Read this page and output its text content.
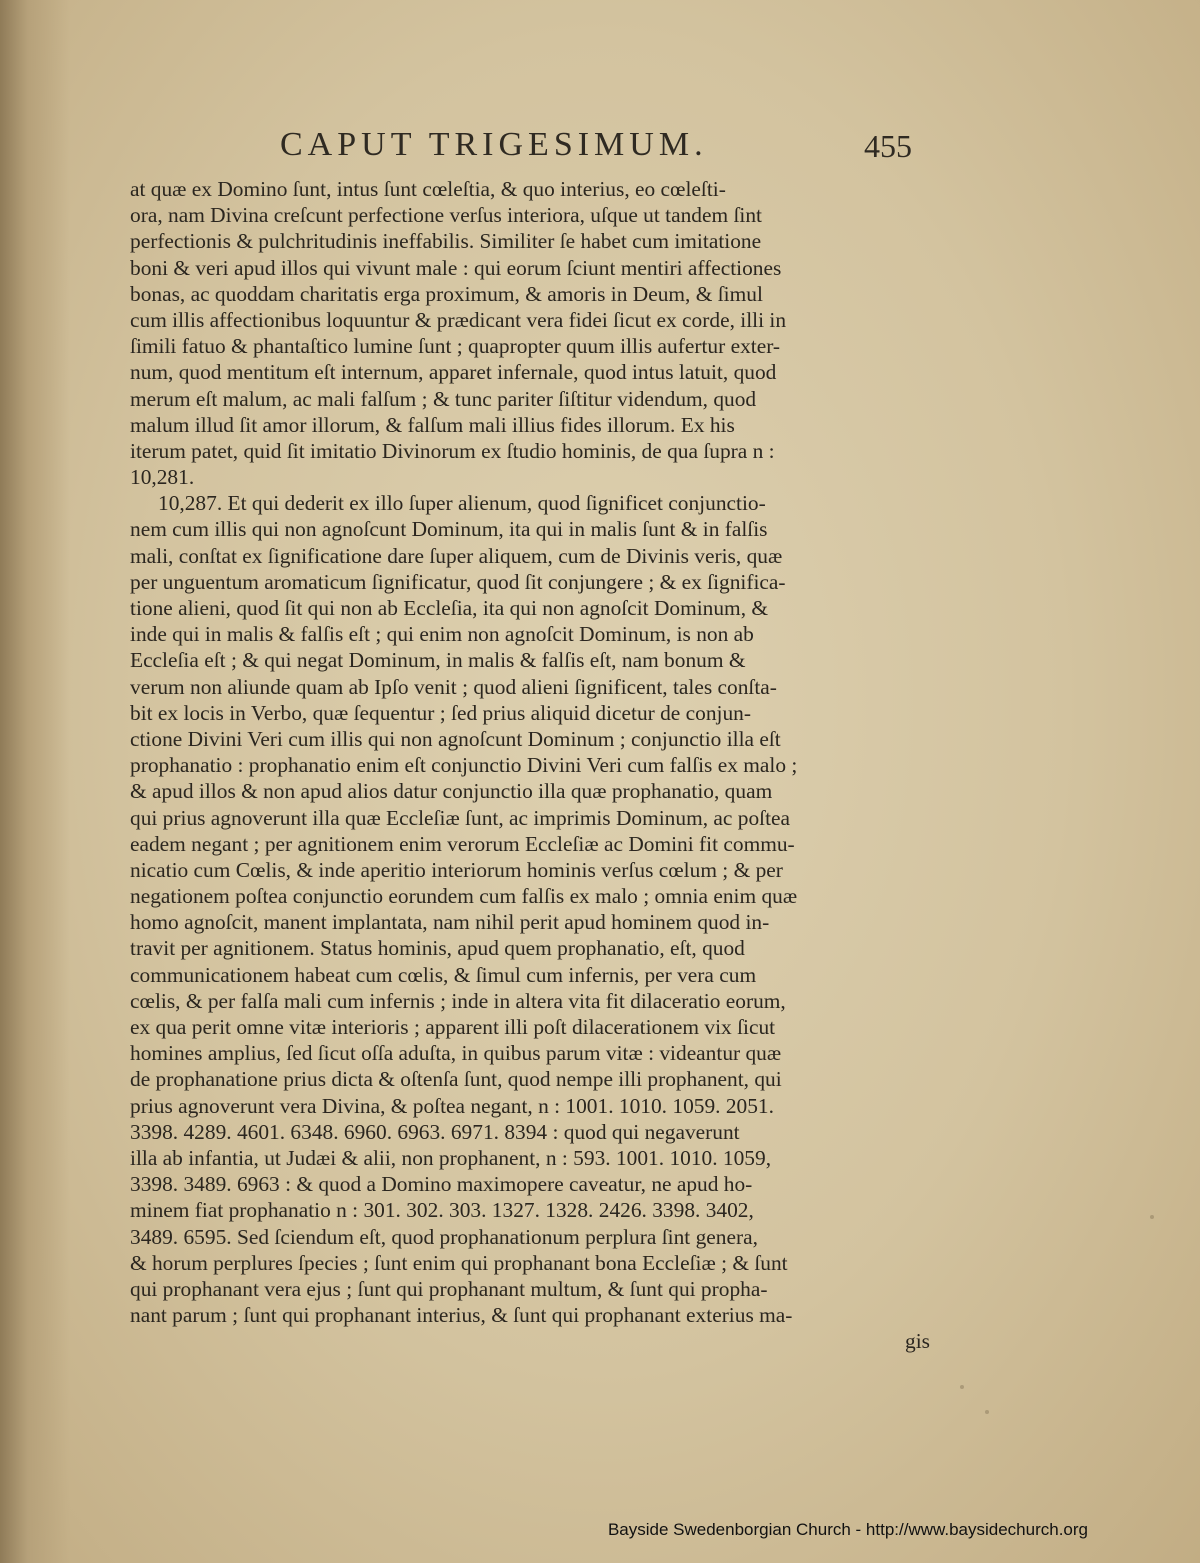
CAPUT TRIGESIMUM.	455
at quæ ex Domino ſunt, intus ſunt cœleſtia, & quo interius, eo cœleſti-
ora, nam Divina creſcunt perfectione verſus interiora, uſque ut tandem ſint
perfectionis & pulchritudinis ineffabilis. Similiter ſe habet cum imitatione
boni & veri apud illos qui vivunt male : qui eorum ſciunt mentiri affectiones
bonas, ac quoddam charitatis erga proximum, & amoris in Deum, & ſimul
cum illis affectionibus loquuntur & prædicant vera fidei ſicut ex corde, illi in
ſimili fatuo & phantaſtico lumine ſunt ; quapropter quum illis aufertur exter-
num, quod mentitum eſt internum, apparet infernale, quod intus latuit, quod
merum eſt malum, ac mali falſum ; & tunc pariter ſiſtitur videndum, quod
malum illud ſit amor illorum, & falſum mali illius fides illorum. Ex his
iterum patet, quid ſit imitatio Divinorum ex ſtudio hominis, de qua ſupra n :
10,281.
10,287. Et qui dederit ex illo ſuper alienum, quod ſignificet conjunctio-
nem cum illis qui non agnoſcunt Dominum, ita qui in malis ſunt & in falſis
mali, conſtat ex ſignificatione dare ſuper aliquem, cum de Divinis veris, quæ
per unguentum aromaticum ſignificatur, quod ſit conjungere ; & ex ſignifica-
tione alieni, quod ſit qui non ab Eccleſia, ita qui non agnoſcit Dominum, &
inde qui in malis & falſis eſt ; qui enim non agnoſcit Dominum, is non ab
Eccleſia eſt ; & qui negat Dominum, in malis & falſis eſt, nam bonum &
verum non aliunde quam ab Ipſo venit ; quod alieni ſignificent, tales conſta-
bit ex locis in Verbo, quæ ſequentur ; ſed prius aliquid dicetur de conjun-
ctione Divini Veri cum illis qui non agnoſcunt Dominum ; conjunctio illa eſt
prophanatio : prophanatio enim eſt conjunctio Divini Veri cum falſis ex malo ;
& apud illos & non apud alios datur conjunctio illa quæ prophanatio, quam
qui prius agnoverunt illa quæ Eccleſiæ ſunt, ac imprimis Dominum, ac poſtea
eadem negant ; per agnitionem enim verorum Eccleſiæ ac Domini fit commu-
nicatio cum Cœlis, & inde aperitio interiorum hominis verſus cœlum ; & per
negationem poſtea conjunctio eorundem cum falſis ex malo ; omnia enim quæ
homo agnoſcit, manent implantata, nam nihil perit apud hominem quod in-
travit per agnitionem. Status hominis, apud quem prophanatio, eſt, quod
communicationem habeat cum cœlis, & ſimul cum infernis, per vera cum
cœlis, & per falſa mali cum infernis ; inde in altera vita fit dilaceratio eorum,
ex qua perit omne vitæ interioris ; apparent illi poſt dilacerationem vix ſicut
homines amplius, ſed ſicut oſſa aduſta, in quibus parum vitæ : videantur quæ
de prophanatione prius dicta & oſtenſa ſunt, quod nempe illi prophanent, qui
prius agnoverunt vera Divina, & poſtea negant, n : 1001. 1010. 1059. 2051.
3398. 4289. 4601. 6348. 6960. 6963. 6971. 8394 : quod qui negaverunt
illa ab infantia, ut Judæi & alii, non prophanent, n : 593. 1001. 1010. 1059,
3398. 3489. 6963 : & quod a Domino maximopere caveatur, ne apud ho-
minem fiat prophanatio n : 301. 302. 303. 1327. 1328. 2426. 3398. 3402,
3489. 6595. Sed ſciendum eſt, quod prophanationum perplura ſint genera,
& horum perplures ſpecies ; ſunt enim qui prophanant bona Eccleſiæ ; & ſunt
qui prophanant vera ejus ; ſunt qui prophanant multum, & ſunt qui propha-
nant parum ; ſunt qui prophanant interius, & ſunt qui prophanant exterius ma-
gis
Bayside Swedenborgian Church - http://www.baysidechurch.org
